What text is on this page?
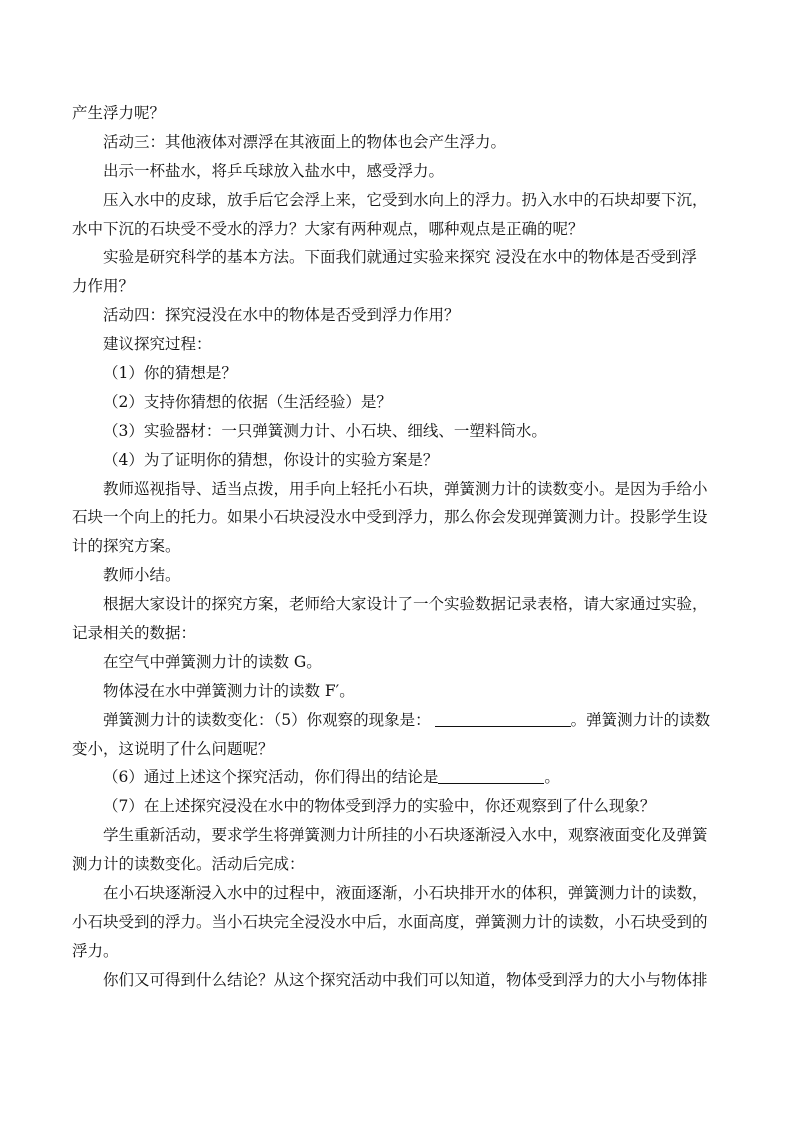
产生浮力呢？
活动三：其他液体对漂浮在其液面上的物体也会产生浮力。
出示一杯盐水，将乒乓球放入盐水中，感受浮力。
压入水中的皮球，放手后它会浮上来，它受到水向上的浮力。扔入水中的石块却要下沉，
水中下沉的石块受不受水的浮力？大家有两种观点，哪种观点是正确的呢？
实验是研究科学的基本方法。下面我们就通过实验来探究 浸没在水中的物体是否受到浮
力作用？
活动四：探究浸没在水中的物体是否受到浮力作用？
建议探究过程：
（1）你的猜想是？
（2）支持你猜想的依据（生活经验）是？
（3）实验器材：一只弹簧测力计、小石块、细线、一塑料筒水。
（4）为了证明你的猜想，你设计的实验方案是？
教师巡视指导、适当点拨，用手向上轻托小石块，弹簧测力计的读数变小。是因为手给小
石块一个向上的托力。如果小石块浸没水中受到浮力，那么你会发现弹簧测力计。投影学生设
计的探究方案。
教师小结。
根据大家设计的探究方案，老师给大家设计了一个实验数据记录表格，请大家通过实验，
记录相关的数据：
在空气中弹簧测力计的读数 G。
物体浸在水中弹簧测力计的读数 F′。
弹簧测力计的读数变化：（5）你观察的现象是：	。弹簧测力计的读数
变小，这说明了什么问题呢？
（6）通过上述这个探究活动，你们得出的结论是	。
（7）在上述探究浸没在水中的物体受到浮力的实验中，你还观察到了什么现象？
学生重新活动，要求学生将弹簧测力计所挂的小石块逐渐浸入水中，观察液面变化及弹簧
测力计的读数变化。活动后完成：
在小石块逐渐浸入水中的过程中，液面逐渐，小石块排开水的体积，弹簧测力计的读数，
小石块受到的浮力。当小石块完全浸没水中后，水面高度，弹簧测力计的读数，小石块受到的
浮力。
你们又可得到什么结论？从这个探究活动中我们可以知道，物体受到浮力的大小与物体排
